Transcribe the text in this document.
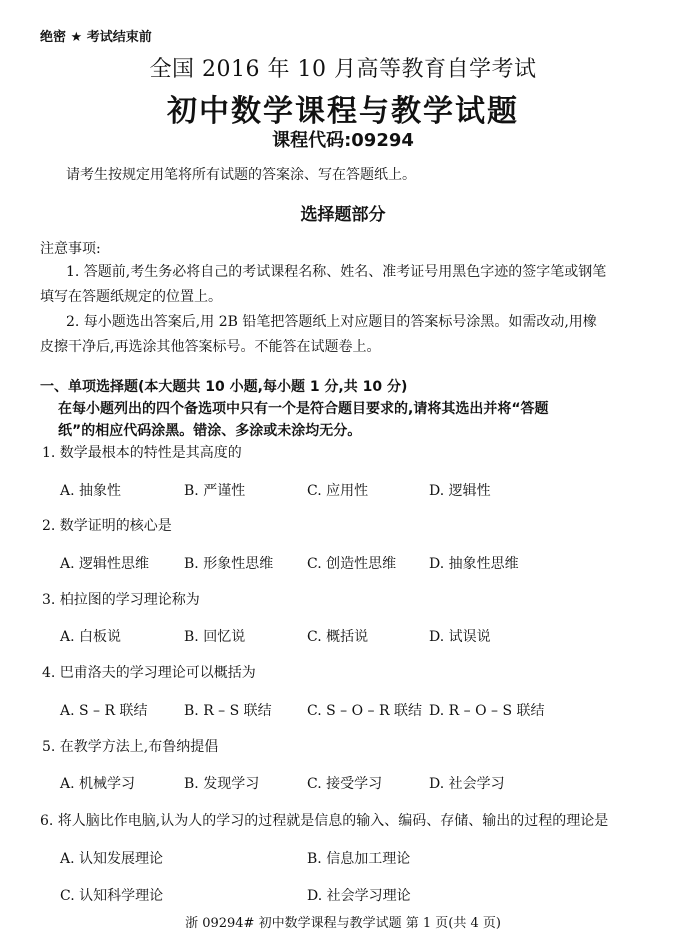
绝密 ★ 考试结束前
全国 2016 年 10 月高等教育自学考试
初中数学课程与教学试题
课程代码:09294
请考生按规定用笔将所有试题的答案涂、写在答题纸上。
选择题部分
注意事项:
1. 答题前,考生务必将自己的考试课程名称、姓名、准考证号用黑色字迹的签字笔或钢笔
填写在答题纸规定的位置上。
2. 每小题选出答案后,用 2B 铅笔把答题纸上对应题目的答案标号涂黑。如需改动,用橡
皮擦干净后,再选涂其他答案标号。不能答在试题卷上。
一、单项选择题(本大题共 10 小题,每小题 1 分,共 10 分)
在每小题列出的四个备选项中只有一个是符合题目要求的,请将其选出并将“答题
纸”的相应代码涂黑。错涂、多涂或未涂均无分。
1. 数学最根本的特性是其高度的
A. 抽象性	B. 严谨性	C. 应用性	D. 逻辑性
2. 数学证明的核心是
A. 逻辑性思维 B. 形象性思维 C. 创造性思维 D. 抽象性思维
3. 柏拉图的学习理论称为
A. 白板说	B. 回忆说	C. 概括说	D. 试误说
4. 巴甫洛夫的学习理论可以概括为
A. S – R 联结	B. R – S 联结	C. S – O – R 联结 D. R – O – S 联结
5. 在教学方法上,布鲁纳提倡
A. 机械学习	B. 发现学习	C. 接受学习	D. 社会学习
6. 将人脑比作电脑,认为人的学习的过程就是信息的输入、编码、存储、输出的过程的理论是
A. 认知发展理论	B. 信息加工理论
C. 认知科学理论	D. 社会学习理论
浙 09294# 初中数学课程与教学试题 第 1 页(共 4 页)
